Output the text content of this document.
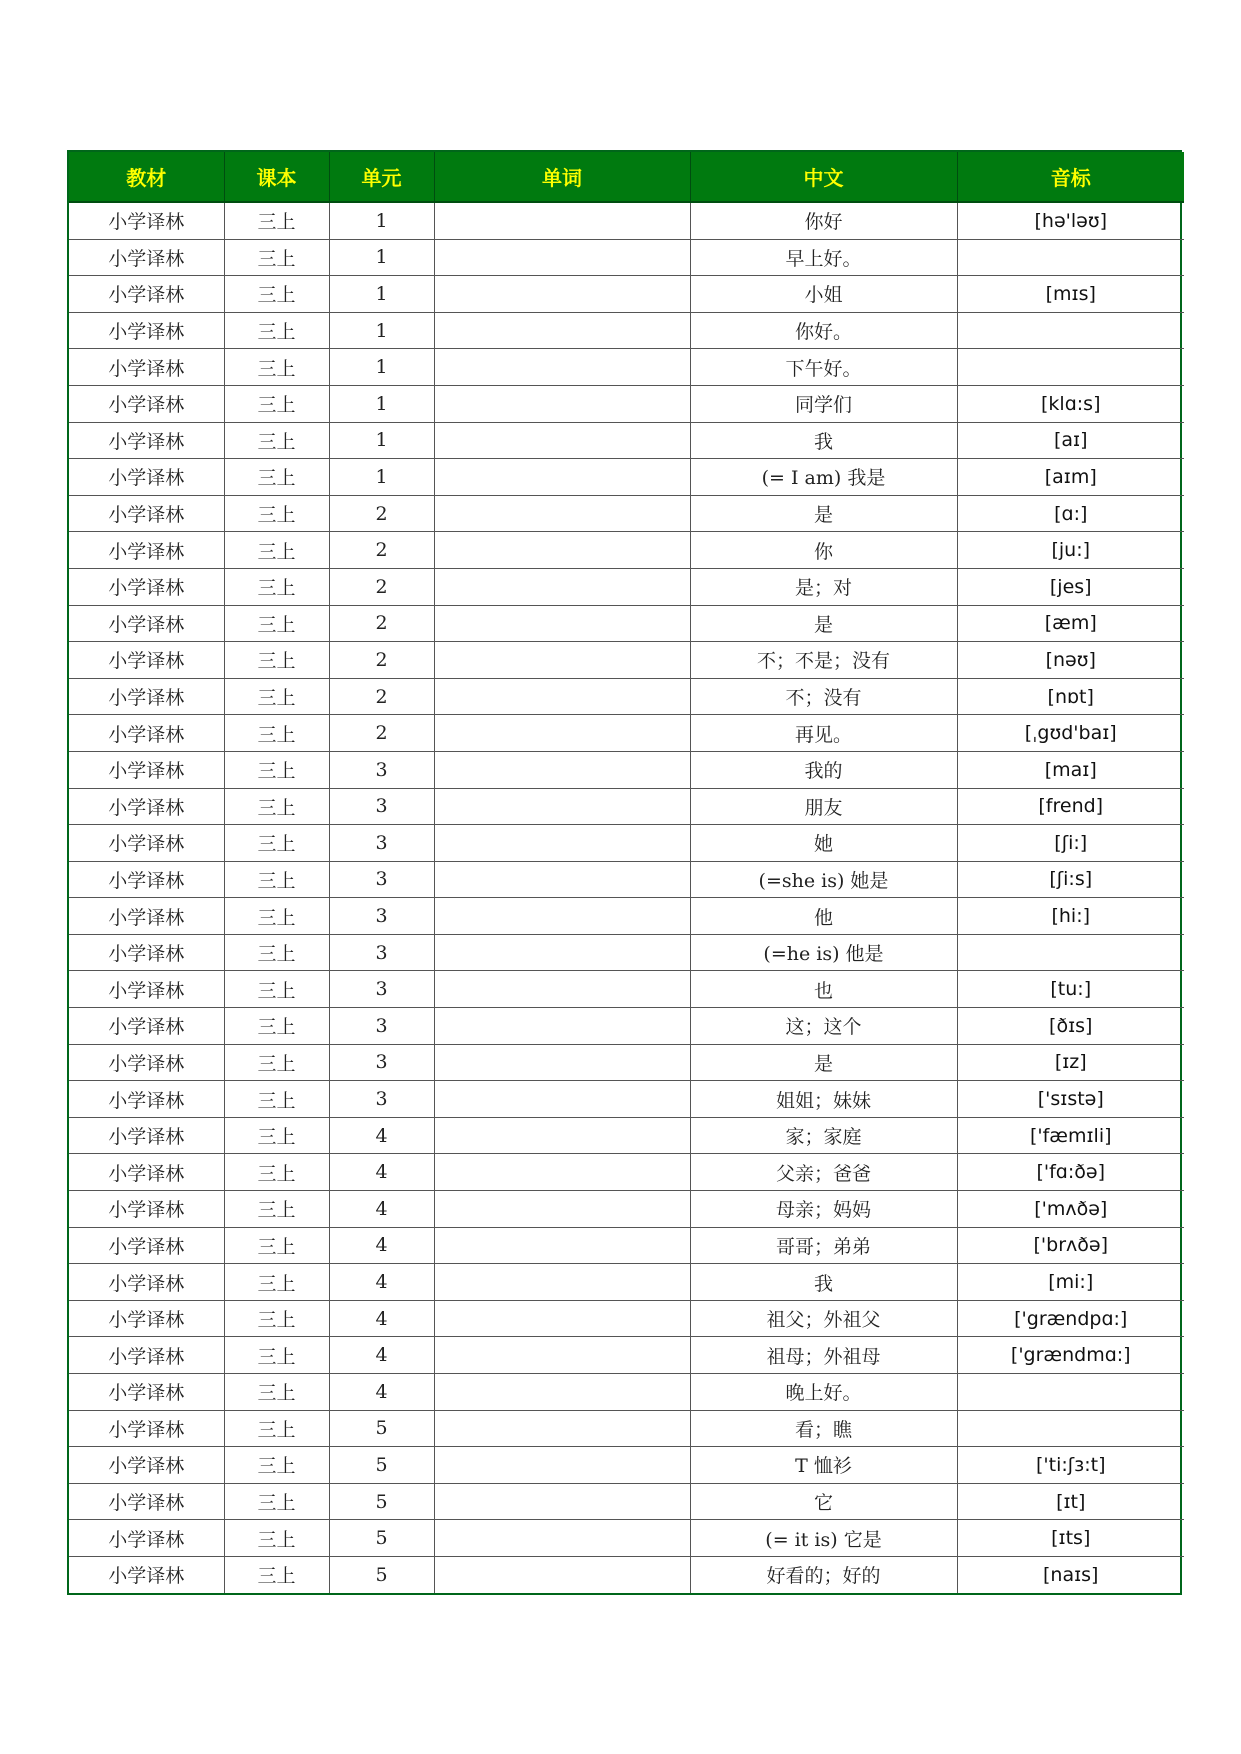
教材	课本	单元	单词	中文	音标
小学译林	三上	1		你好	[hə'ləʊ]
小学译林	三上	1		早上好。	
小学译林	三上	1		小姐	[mɪs]
小学译林	三上	1		你好。	
小学译林	三上	1		下午好。	
小学译林	三上	1		同学们	[klɑ:s]
小学译林	三上	1		我	[aɪ]
小学译林	三上	1		(= I am) 我是	[aɪm]
小学译林	三上	2		是	[ɑ:]
小学译林	三上	2		你	[ju:]
小学译林	三上	2		是；对	[jes]
小学译林	三上	2		是	[æm]
小学译林	三上	2		不；不是；没有	[nəʊ]
小学译林	三上	2		不；没有	[nɒt]
小学译林	三上	2		再见。	[ˌgʊd'baɪ]
小学译林	三上	3		我的	[maɪ]
小学译林	三上	3		朋友	[frend]
小学译林	三上	3		她	[ʃi:]
小学译林	三上	3		(=she is) 她是	[ʃi:s]
小学译林	三上	3		他	[hi:]
小学译林	三上	3		(=he is) 他是	
小学译林	三上	3		也	[tu:]
小学译林	三上	3		这；这个	[ðɪs]
小学译林	三上	3		是	[ɪz]
小学译林	三上	3		姐姐；妹妹	['sɪstə]
小学译林	三上	4		家；家庭	['fæmɪli]
小学译林	三上	4		父亲；爸爸	['fɑ:ðə]
小学译林	三上	4		母亲；妈妈	['mʌðə]
小学译林	三上	4		哥哥；弟弟	['brʌðə]
小学译林	三上	4		我	[mi:]
小学译林	三上	4		祖父；外祖父	['grændpɑ:]
小学译林	三上	4		祖母；外祖母	['grændmɑ:]
小学译林	三上	4		晚上好。	
小学译林	三上	5		看；瞧	
小学译林	三上	5		T 恤衫	['ti:ʃɜ:t]
小学译林	三上	5		它	[ɪt]
小学译林	三上	5		(= it is) 它是	[ɪts]
小学译林	三上	5		好看的；好的	[naɪs]
